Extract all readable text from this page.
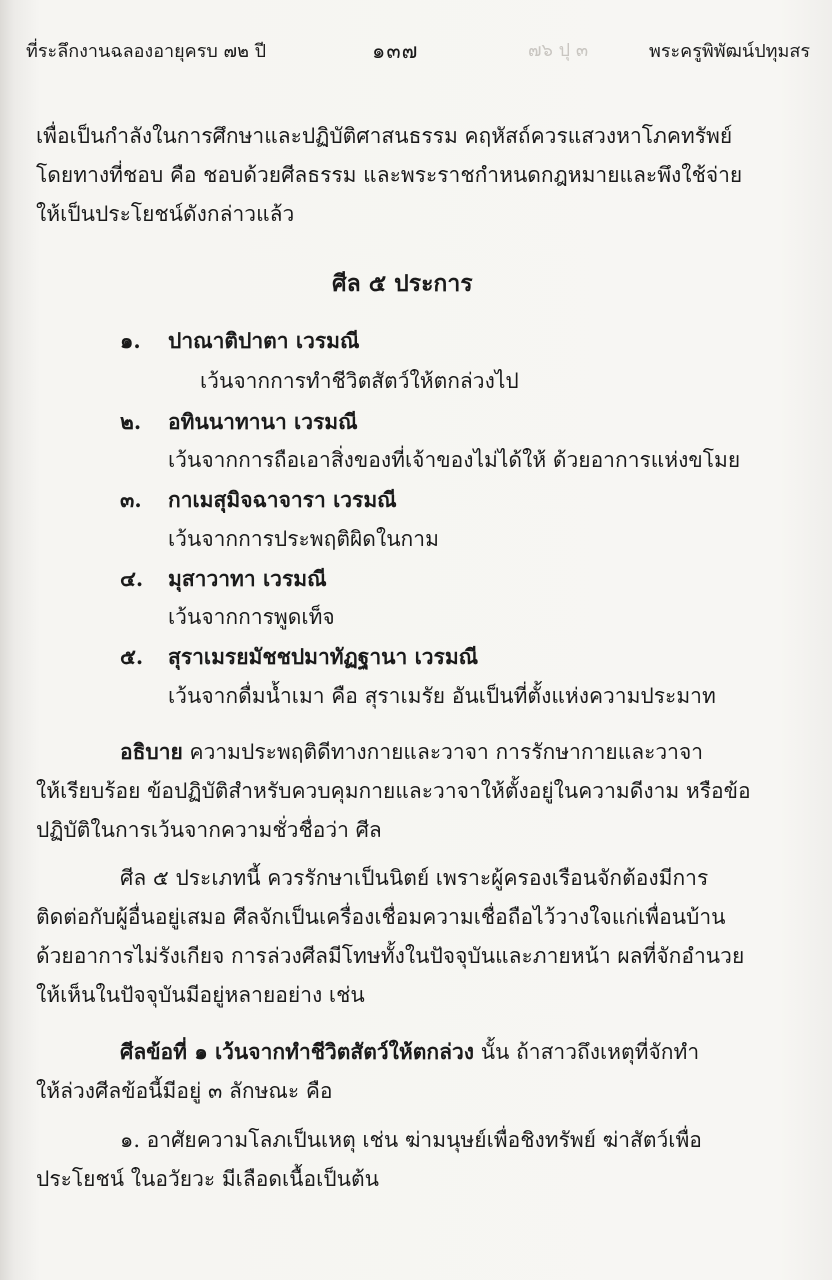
ที่ระลึกงานฉลองอายุครบ ๗๒ ปี	๑๓๗	๗๖ ปุ ๓	พระครูพิพัฒน์ปทุมสร
เพื่อเป็นกำลังในการศึกษาและปฏิบัติศาสนธรรม คฤหัสถ์ควรแสวงหาโภคทรัพย์
โดยทางที่ชอบ คือ ชอบด้วยศีลธรรม และพระราชกำหนดกฎหมายและพึงใช้จ่าย
ให้เป็นประโยชน์ดังกล่าวแล้ว
ศีล ๕ ประการ
๑. ปาณาติปาตา เวรมณี
เว้นจากการทำชีวิตสัตว์ให้ตกล่วงไป
๒. อทินนาทานา เวรมณี
เว้นจากการถือเอาสิ่งของที่เจ้าของไม่ได้ให้ ด้วยอาการแห่งขโมย
๓. กาเมสุมิจฉาจารา เวรมณี
เว้นจากการประพฤติผิดในกาม
๔. มุสาวาทา เวรมณี
เว้นจากการพูดเท็จ
๕. สุราเมรยมัชชปมาทัฏฐานา เวรมณี
เว้นจากดื่มน้ำเมา คือ สุราเมรัย อันเป็นที่ตั้งแห่งความประมาท
อธิบาย ความประพฤติดีทางกายและวาจา การรักษากายและวาจา
ให้เรียบร้อย ข้อปฏิบัติสำหรับควบคุมกายและวาจาให้ตั้งอยู่ในความดีงาม หรือข้อ
ปฏิบัติในการเว้นจากความชั่วชื่อว่า ศีล
ศีล ๕ ประเภทนี้ ควรรักษาเป็นนิตย์ เพราะผู้ครองเรือนจักต้องมีการ
ติดต่อกับผู้อื่นอยู่เสมอ ศีลจักเป็นเครื่องเชื่อมความเชื่อถือไว้วางใจแก่เพื่อนบ้าน
ด้วยอาการไม่รังเกียจ การล่วงศีลมีโทษทั้งในปัจจุบันและภายหน้า ผลที่จักอำนวย
ให้เห็นในปัจจุบันมีอยู่หลายอย่าง เช่น
ศีลข้อที่ ๑ เว้นจากทำชีวิตสัตว์ให้ตกล่วง นั้น ถ้าสาวถึงเหตุที่จักทำ
ให้ล่วงศีลข้อนี้มีอยู่ ๓ ลักษณะ คือ
๑. อาศัยความโลภเป็นเหตุ เช่น ฆ่ามนุษย์เพื่อชิงทรัพย์ ฆ่าสัตว์เพื่อ
ประโยชน์ ในอวัยวะ มีเลือดเนื้อเป็นต้น
